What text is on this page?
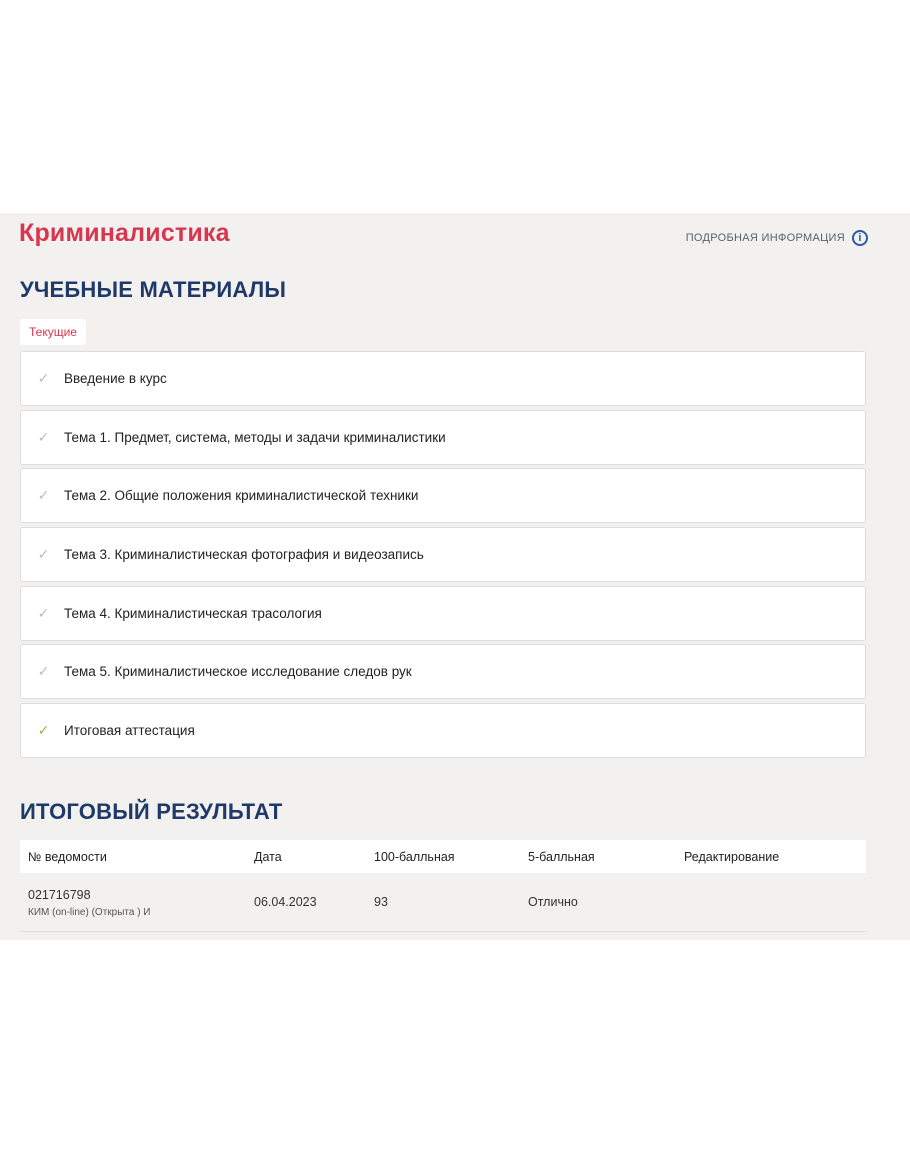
Криминалистика	ПОДРОБНАЯ ИНФОРМАЦИЯ	i
УЧЕБНЫЕ МАТЕРИАЛЫ
Текущие
✓	Введение в курс
✓	Тема 1. Предмет, система, методы и задачи криминалистики
✓	Тема 2. Общие положения криминалистической техники
✓	Тема 3. Криминалистическая фотография и видеозапись
✓	Тема 4. Криминалистическая трасология
✓	Тема 5. Криминалистическое исследование следов рук
✓	Итоговая аттестация
ИТОГОВЫЙ РЕЗУЛЬТАТ
№ ведомости	Дата	100-балльная	5-балльная	Редактирование

021716798
КИМ (on-line) (Открыта ) И	06.04.2023	93	Отлично	
